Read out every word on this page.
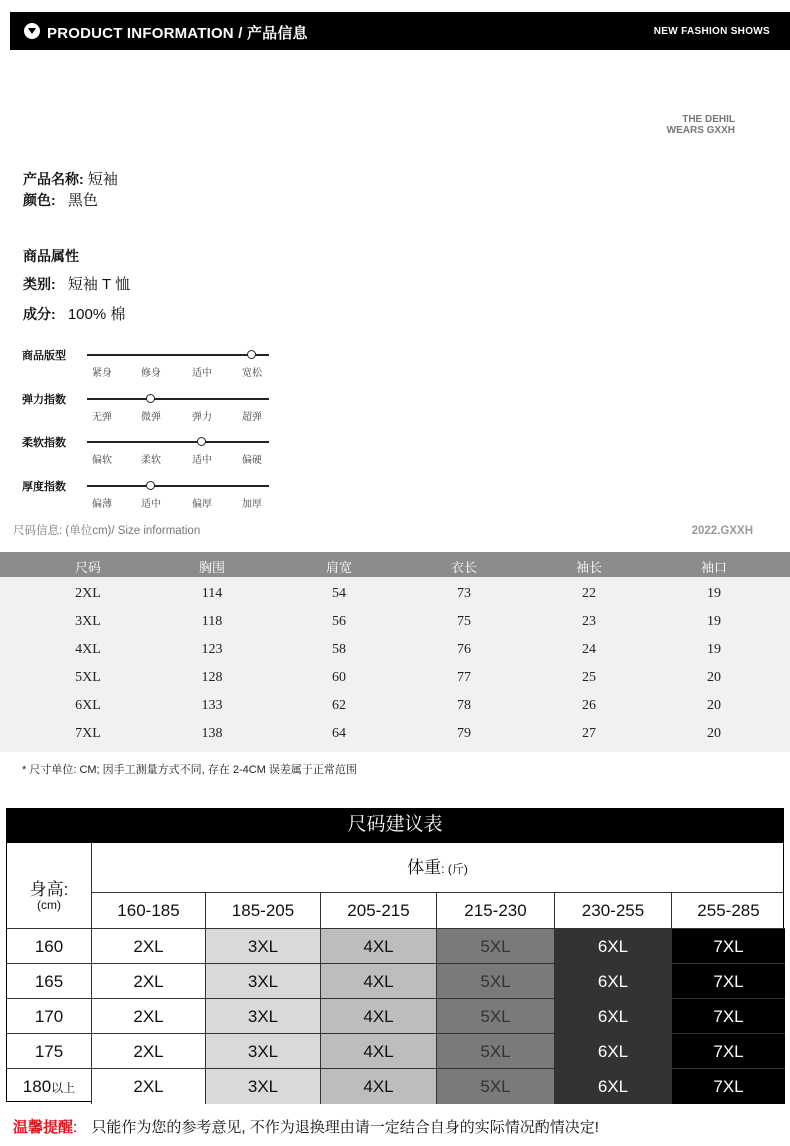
PRODUCT INFORMATION / 产品信息	NEW FASHION SHOWS
THE DEHIL
WEARS GXXH
产品名称: 短袖
颜色: 黑色
商品属性
类别: 短袖 T 恤
成分: 100% 棉
商品版型
紧身	修身	适中	宽松
弹力指数
无弹	微弹	弹力	超弹
柔软指数
偏软	柔软	适中	偏硬
厚度指数
偏薄	适中	偏厚	加厚
尺码信息: (单位cm)/ Size information	2022.GXXH
尺码	胸围	肩宽	衣长	袖长	袖口
2XL	114	54	73	22	19
3XL	118	56	75	23	19
4XL	123	58	76	24	19
5XL	128	60	77	25	20
6XL	133	62	78	26	20
7XL	138	64	79	27	20
* 尺寸单位: CM; 因手工测量方式不同, 存在 2-4CM 误差属于正常范围
尺码建议表
身高:
(cm)
体重: (斤)
160-185	185-205	205-215	215-230	230-255	255-285
160	2XL	3XL	4XL	5XL	6XL	7XL
165	2XL	3XL	4XL	5XL	6XL	7XL
170	2XL	3XL	4XL	5XL	6XL	7XL
175	2XL	3XL	4XL	5XL	6XL	7XL
180以上	2XL	3XL	4XL	5XL	6XL	7XL
温馨提醒: 只能作为您的参考意见, 不作为退换理由请一定结合自身的实际情况酌情决定!
